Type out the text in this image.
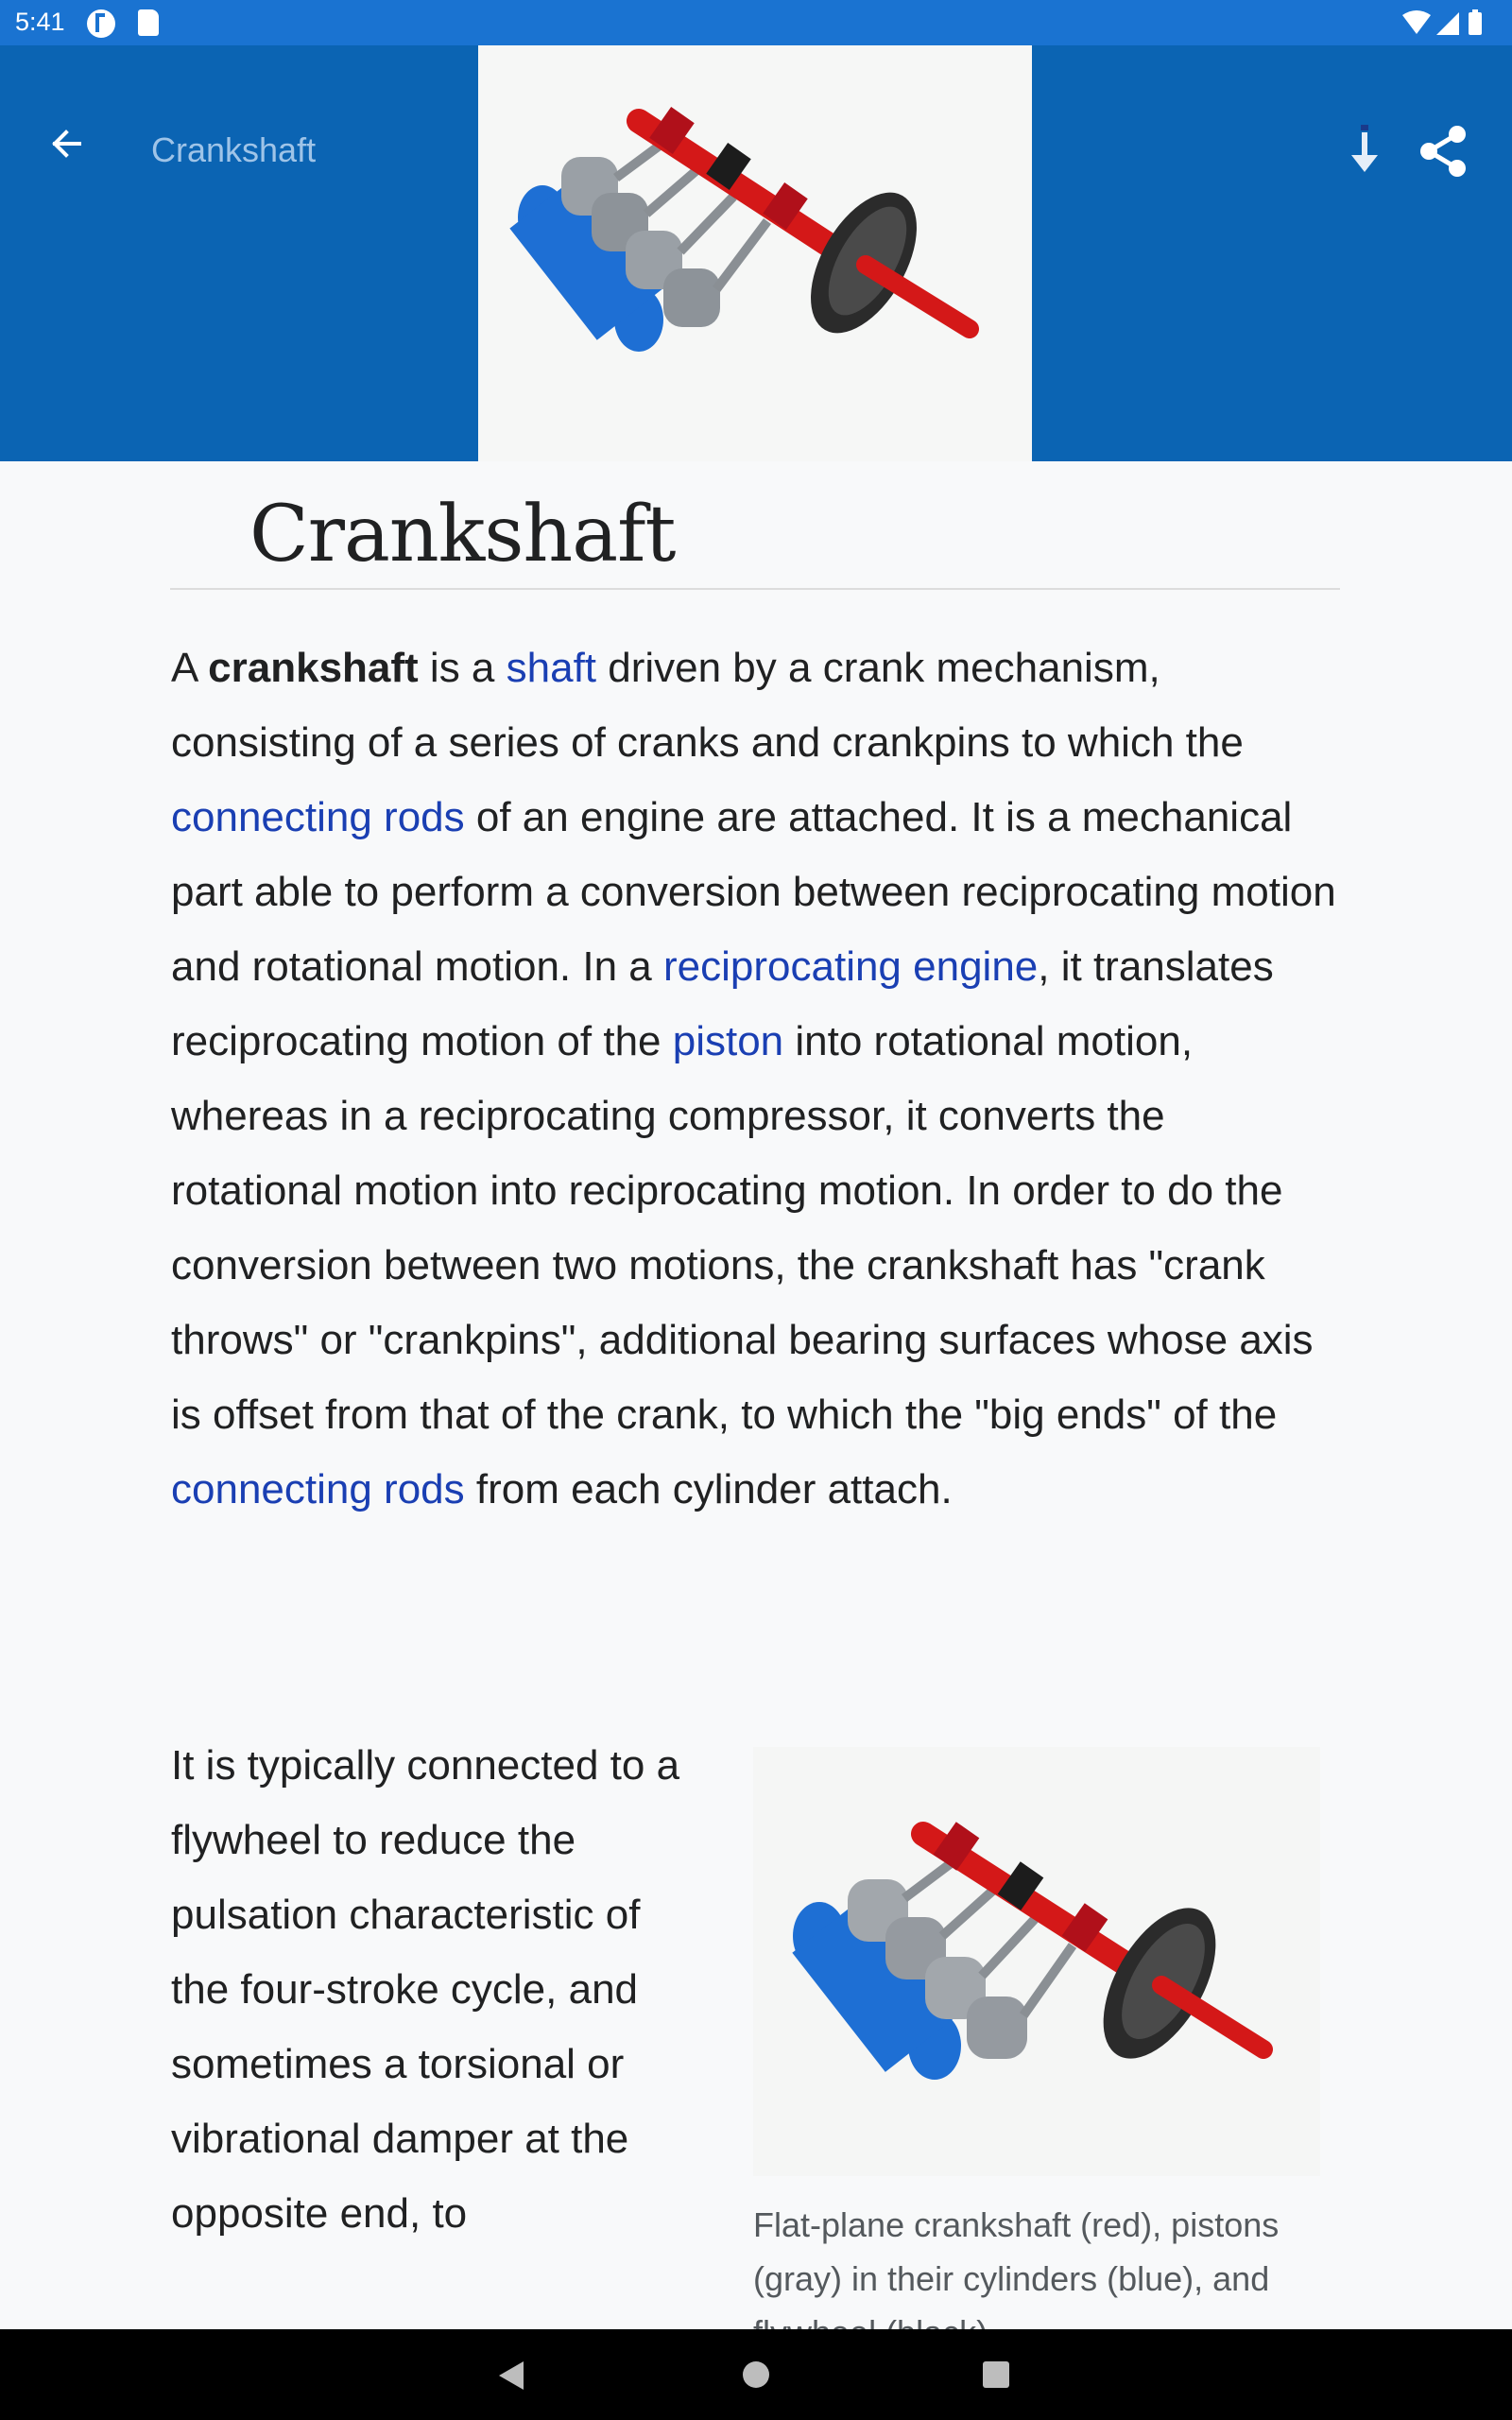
5:41
Crankshaft
Crankshaft

A crankshaft is a shaft driven by a crank mechanism, consisting of a series of cranks and crankpins to which the connecting rods of an engine are attached. It is a mechanical part able to perform a conversion between reciprocating motion and rotational motion. In a reciprocating engine, it translates reciprocating motion of the piston into rotational motion, whereas in a reciprocating compressor, it converts the rotational motion into reciprocating motion. In order to do the conversion between two motions, the crankshaft has "crank throws" or "crankpins", additional bearing surfaces whose axis is offset from that of the crank, to which the "big ends" of the connecting rods from each cylinder attach.

It is typically connected to a flywheel to reduce the pulsation characteristic of the four-stroke cycle, and sometimes a torsional or vibrational damper at the opposite end, to	Flat-plane crankshaft (red), pistons (gray) in their cylinders (blue), and
